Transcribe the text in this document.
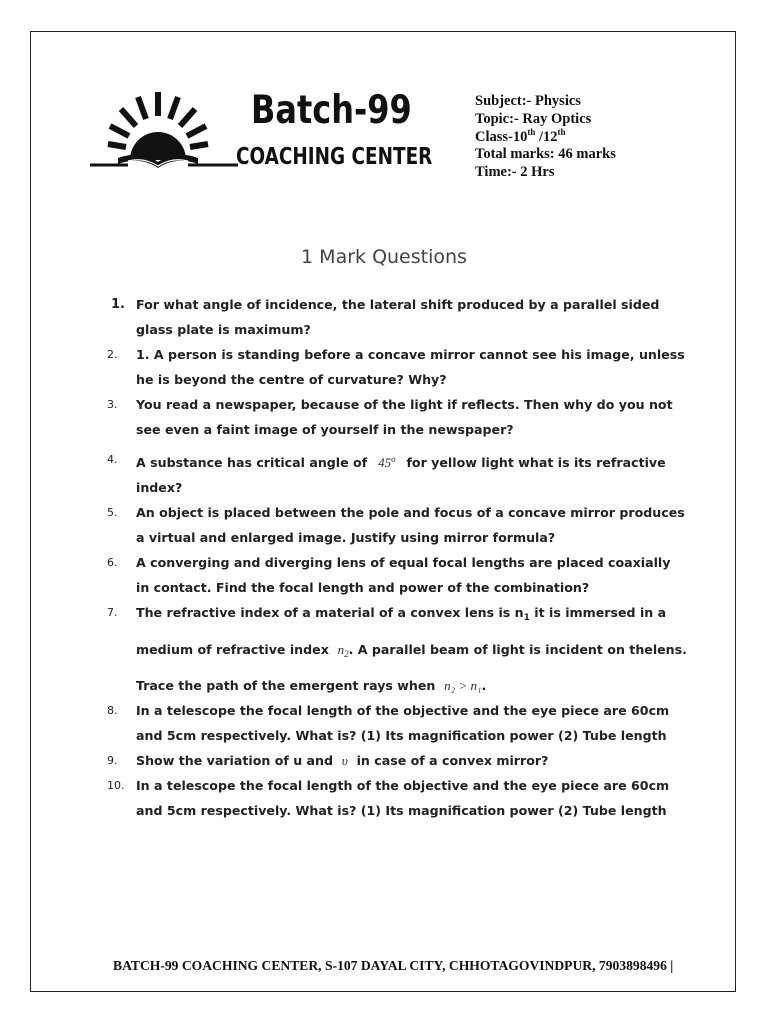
Batch-99
COACHING CENTER
Subject:- Physics
Topic:- Ray Optics
Class-10th /12th
Total marks: 46 marks
Time:- 2 Hrs
1 Mark Questions
1. For what angle of incidence, the lateral shift produced by a parallel sided glass plate is maximum?
2. 1. A person is standing before a concave mirror cannot see his image, unless he is beyond the centre of curvature? Why?
3. You read a newspaper, because of the light if reflects. Then why do you not see even a faint image of yourself in the newspaper?
4. A substance has critical angle of 45$^o$ for yellow light what is its refractive index?
5. An object is placed between the pole and focus of a concave mirror produces a virtual and enlarged image. Justify using mirror formula?
6. A converging and diverging lens of equal focal lengths are placed coaxially in contact. Find the focal length and power of the combination?
7. The refractive index of a material of a convex lens is $n_1$ it is immersed in a
medium of refractive index $n_2$. A parallel beam of light is incident on thelens.
Trace the path of the emergent rays when n₂ > n₁.
8. In a telescope the focal length of the objective and the eye piece are 60cm and 5cm respectively. What is? (1) Its magnification power (2) Tube length
9. Show the variation of u and υ in case of a convex mirror?
10. In a telescope the focal length of the objective and the eye piece are 60cm and 5cm respectively. What is? (1) Its magnification power (2) Tube length
BATCH-99 COACHING CENTER, S-107 DAYAL CITY, CHHOTAGOVINDPUR, 7903898496 |
